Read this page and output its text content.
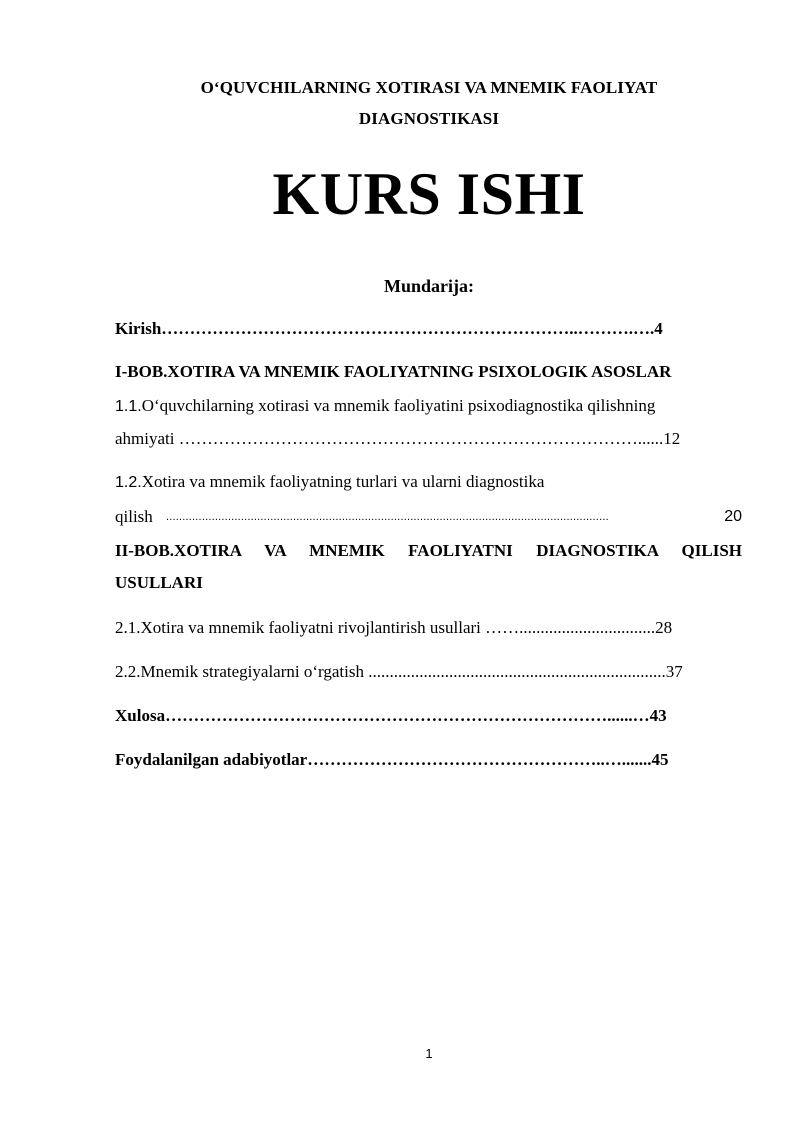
O‘QUVCHILARNING XOTIRASI VA MNEMIK FAOLIYAT
DIAGNOSTIKASI
KURS ISHI
Mundarija:
Kirish………………………………………………………………..……….….4
I-BOB.XOTIRA VA MNEMIK FAOLIYATNING PSIXOLOGIK ASOSLAR
1.1.O‘quvchilarning xotirasi va mnemik faoliyatini psixodiagnostika qilishning
ahmiyati ………………………………………………………………………......12
1.2.Xotira va mnemik faoliyatning turlari va ularni diagnostika
qilish ........................................................................................................................................	20
II-BOB.XOTIRA VA MNEMIK FAOLIYATNI DIAGNOSTIKA QILISH
USULLARI
2.1.Xotira va mnemik faoliyatni rivojlantirish usullari ……................................28
2.2.Mnemik strategiyalarni o‘rgatish ......................................................................37
Xulosa……………………………………………………………………......…43
Foydalanilgan adabiyotlar……………………………………………..….......45
1
